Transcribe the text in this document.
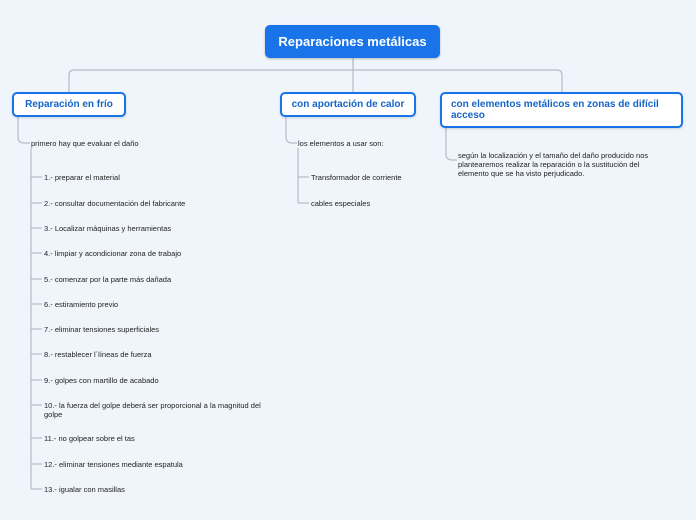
Reparaciones metálicas
Reparación en frío	con aportación de calor	con elementos metálicos en zonas de difícil acceso
primero hay que evaluar el daño
1.- preparar el material
2.- consultar documentación del fabricante
3.- Localizar máquinas y herramientas
4.- limpiar y acondicionar zona de trabajo
5.- comenzar por la parte más dañada
6.- estiramiento previo
7.- eliminar tensiones superficiales
8.- restablecer l´líneas de fuerza
9.- golpes con martillo de acabado
10.- la fuerza del golpe deberá ser proporcional a la magnitud del golpe
11.- no golpear sobre el tas
12.- eliminar tensiones mediante espatula
13.- igualar con masillas
los elementos a usar son:
Transformador de corriente
cables especiales
según la localización y el tamaño del daño producido nos plantearemos realizar la reparación o la sustitución del elemento que se ha visto perjudicado.
